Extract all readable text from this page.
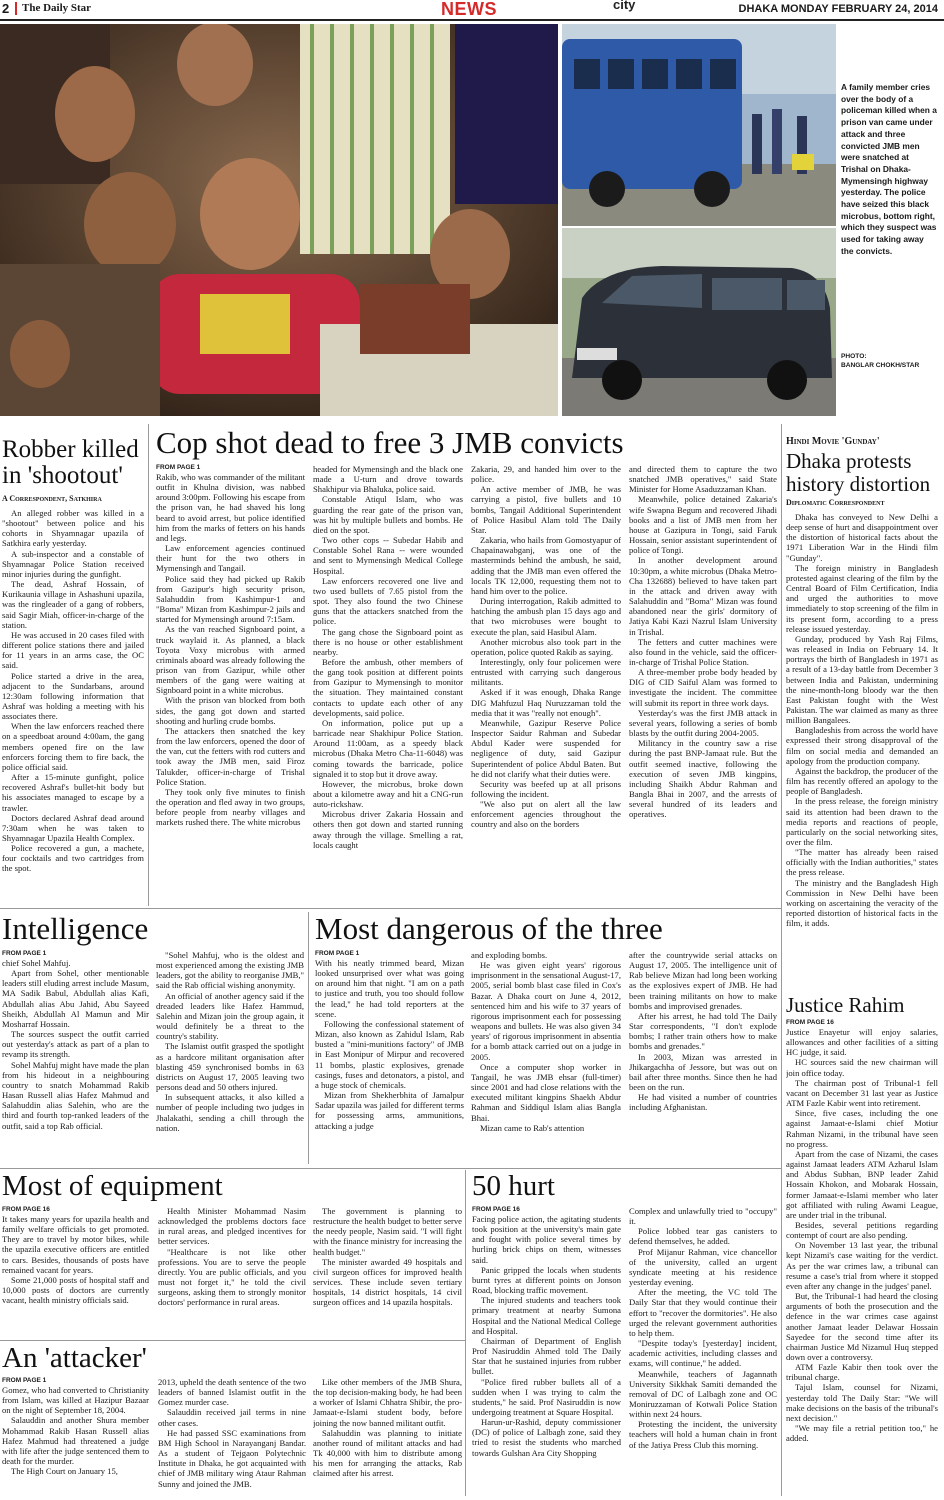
2 The Daily Star	NEWS	city	DHAKA MONDAY FEBRUARY 24, 2014
A family member cries over the body of a policeman killed when a prison van came under attack and three convicted JMB men were snatched at Trishal on Dhaka-Mymensingh highway yesterday. The police have seized this black microbus, bottom right, which they suspect was used for taking away the convicts.
PHOTO:
BANGLAR CHOKH/STAR
Robber killed
in 'shootout'
A Correspondent, Satkhira

An alleged robber was killed in a "shootout" between police and his cohorts in Shyamnagar upazila of Satkhira early yesterday.

A sub-inspector and a constable of Shyamnagar Police Station received minor injuries during the gunfight.

The dead, Ashraf Hossain, of Kurikaunia village in Ashashuni upazila, was the ringleader of a gang of robbers, said Sagir Miah, officer-in-charge of the station.

He was accused in 20 cases filed with different police stations there and jailed for 11 years in an arms case, the OC said.

Police started a drive in the area, adjacent to the Sundarbans, around 12:30am following information that Ashraf was holding a meeting with his associates there.

When the law enforcers reached there on a speedboat around 4:00am, the gang members opened fire on the law enforcers forcing them to fire back, the police official said.

After a 15-minute gunfight, police recovered Ashraf's bullet-hit body but his associates managed to escape by a trawler.

Doctors declared Ashraf dead around 7:30am when he was taken to Shyamnagar Upazila Health Complex.

Police recovered a gun, a machete, four cocktails and two cartridges from the spot.

Cop shot dead to free 3 JMB convicts
FROM PAGE 1

Rakib, who was commander of the militant outfit in Khulna division, was nabbed around 3:00pm. Following his escape from the prison van, he had shaved his long beard to avoid arrest, but police identified him from the marks of fetters on his hands and legs.

Law enforcement agencies continued their hunt for the two others in Mymensingh and Tangail.

Police said they had picked up Rakib from Gazipur's high security prison, Salahuddin from Kashimpur-1 and "Boma" Mizan from Kashimpur-2 jails and started for Mymensingh around 7:15am.

As the van reached Signboard point, a truck waylaid it. As planned, a black Toyota Voxy microbus with armed criminals aboard was already following the prison van from Gazipur, while other members of the gang were waiting at Signboard point in a white microbus.

With the prison van blocked from both sides, the gang got down and started shooting and hurling crude bombs.

The attackers then snatched the key from the law enforcers, opened the door of the van, cut the fetters with rod cutters and took away the JMB men, said Firoz Talukder, officer-in-charge of Trishal Police Station.

They took only five minutes to finish the operation and fled away in two groups, before people from nearby villages and markets rushed there. The white microbus

headed for Mymensingh and the black one made a U-turn and drove towards Shakhipur via Bhaluka, police said.

Constable Atiqul Islam, who was guarding the rear gate of the prison van, was hit by multiple bullets and bombs. He died on the spot.

Two other cops -- Subedar Habib and Constable Sohel Rana -- were wounded and sent to Mymensingh Medical College Hospital.

Law enforcers recovered one live and two used bullets of 7.65 pistol from the spot. They also found the two Chinese guns that the attackers snatched from the police.

The gang chose the Signboard point as there is no house or other establishment nearby.

Before the ambush, other members of the gang took position at different points from Gazipur to Mymensingh to monitor the situation. They maintained constant contacts to update each other of any developments, said police.

On information, police put up a barricade near Shakhipur Police Station. Around 11:00am, as a speedy black microbus (Dhaka Metro Cha-11-6048) was coming towards the barricade, police signaled it to stop but it drove away.

However, the microbus, broke down about a kilometre away and hit a CNG-run auto-rickshaw.

Microbus driver Zakaria Hossain and others then got down and started running away through the village. Smelling a rat, locals caught

Zakaria, 29, and handed him over to the police.

An active member of JMB, he was carrying a pistol, five bullets and 10 bombs, Tangail Additional Superintendent of Police Hasibul Alam told The Daily Star.

Zakaria, who hails from Gomostyapur of Chapainawabganj, was one of the masterminds behind the ambush, he said, adding that the JMB man even offered the locals TK 12,000, requesting them not to hand him over to the police.

During interrogation, Rakib admitted to hatching the ambush plan 15 days ago and that two microbuses were bought to execute the plan, said Hasibul Alam.

Another microbus also took part in the operation, police quoted Rakib as saying.

Interestingly, only four policemen were entrusted with carrying such dangerous militants.

Asked if it was enough, Dhaka Range DIG Mahfuzul Haq Nuruzzaman told the media that it was "really not enough".

Meanwhile, Gazipur Reserve Police Inspector Saidur Rahman and Subedar Abdul Kader were suspended for negligence of duty, said Gazipur Superintendent of police Abdul Baten. But he did not clarify what their duties were.

Security was beefed up at all prisons following the incident.

"We also put on alert all the law enforcement agencies throughout the country and also on the borders

and directed them to capture the two snatched JMB operatives," said State Minister for Home Asaduzzaman Khan.

Meanwhile, police detained Zakaria's wife Swapna Begum and recovered Jihadi books and a list of JMB men from her house at Gazipura in Tongi, said Faruk Hossain, senior assistant superintendent of police of Tongi.

In another development around 10:30pm, a white microbus (Dhaka Metro-Cha 132688) believed to have taken part in the attack and driven away with Salahuddin and "Boma" Mizan was found abandoned near the girls' dormitory of Jatiya Kabi Kazi Nazrul Islam University in Trishal.

The fetters and cutter machines were also found in the vehicle, said the officer-in-charge of Trishal Police Station.

A three-member probe body headed by DIG of CID Saiful Alam was formed to investigate the incident. The committee will submit its report in three work days.

Yesterday's was the first JMB attack in several years, following a series of bomb blasts by the outfit during 2004-2005.

Militancy in the country saw a rise during the past BNP-Jamaat rule. But the outfit seemed inactive, following the execution of seven JMB kingpins, including Shaikh Abdur Rahman and Bangla Bhai in 2007, and the arrests of several hundred of its leaders and operatives.

Hindi Movie 'Gunday'
Dhaka protests
history distortion
Diplomatic Correspondent

Dhaka has conveyed to New Delhi a deep sense of hurt and disappointment over the distortion of historical facts about the 1971 Liberation War in the Hindi film "Gunday".

The foreign ministry in Bangladesh protested against clearing of the film by the Central Board of Film Certification, India and urged the authorities to move immediately to stop screening of the film in its present form, according to a press release issued yesterday.

Gunday, produced by Yash Raj Films, was released in India on February 14. It portrays the birth of Bangladesh in 1971 as a result of a 13-day battle from December 3 between India and Pakistan, undermining the nine-month-long bloody war the then East Pakistan fought with the West Pakistan. The war claimed as many as three million Bangalees.

Bangladeshis from across the world have expressed their strong disapproval of the film on social media and demanded an apology from the production company.

Against the backdrop, the producer of the film has recently offered an apology to the people of Bangladesh.

In the press release, the foreign ministry said its attention had been drawn to the media reports and reactions of people, particularly on the social networking sites, over the film.

"The matter has already been raised officially with the Indian authorities," states the press release.

The ministry and the Bangladesh High Commission in New Delhi have been working on ascertaining the veracity of the reported distortion of historical facts in the film, it adds.

Justice Rahim
FROM PAGE 16

Justice Enayetur will enjoy salaries, allowances and other facilities of a sitting HC judge, it said.

HC sources said the new chairman will join office today.

The chairman post of Tribunal-1 fell vacant on December 31 last year as Justice ATM Fazle Kabir went into retirement.

Since, five cases, including the one against Jamaat-e-Islami chief Motiur Rahman Nizami, in the tribunal have seen no progress.

Apart from the case of Nizami, the cases against Jamaat leaders ATM Azharul Islam and Abdus Subhan, BNP leader Zahid Hossain Khokon, and Mobarak Hossain, former Jamaat-e-Islami member who later got affiliated with ruling Awami League, are under trial in the tribunal.

Besides, several petitions regarding contempt of court are also pending.

On November 13 last year, the tribunal kept Nizami's case waiting for the verdict. As per the war crimes law, a tribunal can resume a case's trial from where it stopped even after any change in the judges' panel.

But, the Tribunal-1 had heard the closing arguments of both the prosecution and the defence in the war crimes case against another Jamaat leader Delawar Hossain Sayedee for the second time after its chairman Justice Md Nizamul Huq stepped down over a controversy.

ATM Fazle Kabir then took over the tribunal charge.

Tajul Islam, counsel for Nizami, yesterday told The Daily Star: "We will make decisions on the basis of the tribunal's next decision."

"We may file a retrial petition too," he added.

Intelligence
FROM PAGE 1

chief Sohel Mahfuj.

Apart from Sohel, other mentionable leaders still eluding arrest include Masum, MA Sadik Babul, Abdullah alias Kafi, Abdullah alias Abu Jahid, Abu Sayeed Sheikh, Abdullah Al Mamun and Mir Mosharraf Hossain.

The sources suspect the outfit carried out yesterday's attack as part of a plan to revamp its strength.

Sohel Mahfuj might have made the plan from his hideout in a neighbouring country to snatch Mohammad Rakib Hasan Russell alias Hafez Mahmud and Salahuddin alias Salehin, who are the third and fourth top-ranked leaders of the outfit, said a top Rab official.

"Sohel Mahfuj, who is the oldest and most experienced among the existing JMB leaders, got the ability to reorganise JMB," said the Rab official wishing anonymity.

An official of another agency said if the dreaded leaders like Hafez Hammud, Salehin and Mizan join the group again, it would definitely be a threat to the country's stability.

The Islamist outfit grasped the spotlight as a hardcore militant organisation after blasting 459 synchronised bombs in 63 districts on August 17, 2005 leaving two persons dead and 50 others injured.

In subsequent attacks, it also killed a number of people including two judges in Jhalakathi, sending a chill through the nation.

Most dangerous of the three
FROM PAGE 1

With his neatly trimmed beard, Mizan looked unsurprised over what was going on around him that night. "I am on a path to justice and truth, you too should follow the lead," he had told reporters at the scene.

Following the confessional statement of Mizan, also known as Zahidul Islam, Rab busted a "mini-munitions factory" of JMB in East Monipur of Mirpur and recovered 11 bombs, plastic explosives, grenade casings, fuses and detonators, a pistol, and a huge stock of chemicals.

Mizan from Shekherbhita of Jamalpur Sadar upazila was jailed for different terms for possessing arms, ammunitions, attacking a judge

and exploding bombs.

He was given eight years' rigorous imprisonment in the sensational August-17, 2005, serial bomb blast case filed in Cox's Bazar. A Dhaka court on June 4, 2012, sentenced him and his wife to 37 years of rigorous imprisonment each for possessing weapons and bullets. He was also given 34 years' of rigorous imprisonment in absentia for a bomb attack carried out on a judge in 2005.

Once a computer shop worker in Tangail, he was JMB ehsar (full-timer) since 2001 and had close relations with the executed militant kingpins Shaekh Abdur Rahman and Siddiqul Islam alias Bangla Bhai.

Mizan came to Rab's attention

after the countrywide serial attacks on August 17, 2005. The intelligence unit of Rab believe Mizan had long been working as the explosives expert of JMB. He had been training militants on how to make bombs and improvised grenades.

After his arrest, he had told The Daily Star correspondents, "I don't explode bombs; I rather train others how to make bombs and grenades."

In 2003, Mizan was arrested in Jhikargachha of Jessore, but was out on bail after three months. Since then he had been on the run.

He had visited a number of countries including Afghanistan.

Most of equipment
FROM PAGE 16

It takes many years for upazila health and family welfare officials to get promoted. They are to travel by motor bikes, while the upazila executive officers are entitled to cars. Besides, thousands of posts have remained vacant for years.

Some 21,000 posts of hospital staff and 10,000 posts of doctors are currently vacant, health ministry officials said.

Health Minister Mohammad Nasim acknowledged the problems doctors face in rural areas, and pledged incentives for better services.

"Healthcare is not like other professions. You are to serve the people directly. You are public officials, and you must not forget it," he told the civil surgeons, asking them to strongly monitor doctors' performance in rural areas.

The government is planning to restructure the health budget to better serve the needy people, Nasim said. "I will fight with the finance ministry for increasing the health budget."

The minister awarded 49 hospitals and civil surgeon offices for improved health services. These include seven tertiary hospitals, 14 district hospitals, 14 civil surgeon offices and 14 upazila hospitals.

An 'attacker'
FROM PAGE 1

Gomez, who had converted to Christianity from Islam, was killed at Hazipur Bazaar on the night of September 18, 2004.

Salauddin and another Shura member Mohammad Rakib Hasan Russell alias Hafez Mahmud had threatened a judge with life after the judge sentenced them to death for the murder.

The High Court on January 15,

2013, upheld the death sentence of the two leaders of banned Islamist outfit in the Gomez murder case.

Salauddin received jail terms in nine other cases.

He had passed SSC examinations from BM High School in Narayanganj Bandar. As a student of Tejgaon Polytechnic Institute in Dhaka, he got acquainted with chief of JMB military wing Ataur Rahman Sunny and joined the JMB.

Like other members of the JMB Shura, the top decision-making body, he had been a worker of Islami Chhatra Shibir, the pro-Jamaat-e-Islami student body, before joining the now banned militant outfit.

Salahuddin was planning to initiate another round of militant attacks and had Tk 40,000 with him to distribute among his men for arranging the attacks, Rab claimed after his arrest.

50 hurt
FROM PAGE 16

Facing police action, the agitating students took position at the university's main gate and fought with police several times by hurling brick chips on them, witnesses said.

Panic gripped the locals when students burnt tyres at different points on Jonson Road, blocking traffic movement.

The injured students and teachers took primary treatment at nearby Sumona Hospital and the National Medical College and Hospital.

Chairman of Department of English Prof Nasiruddin Ahmed told The Daily Star that he sustained injuries from rubber bullet.

"Police fired rubber bullets all of a sudden when I was trying to calm the students," he said. Prof Nasiruddin is now undergoing treatment at Square Hospital.

Harun-ur-Rashid, deputy commissioner (DC) of police of Lalbagh zone, said they tried to resist the students who marched towards Gulshan Ara City Shopping

Complex and unlawfully tried to "occupy" it.

Police lobbed tear gas canisters to defend themselves, he added.

Prof Mijanur Rahman, vice chancellor of the university, called an urgent syndicate meeting at his residence yesterday evening.

After the meeting, the VC told The Daily Star that they would continue their effort to "recover the dormitories". He also urged the relevant government authorities to help them.

"Despite today's [yesterday] incident, academic activities, including classes and exams, will continue," he added.

Meanwhile, teachers of Jagannath University Sikkhak Samiti demanded the removal of DC of Lalbagh zone and OC Moniruzzaman of Kotwali Police Station within next 24 hours.

Protesting the incident, the university teachers will hold a human chain in front of the Jatiya Press Club this morning.
